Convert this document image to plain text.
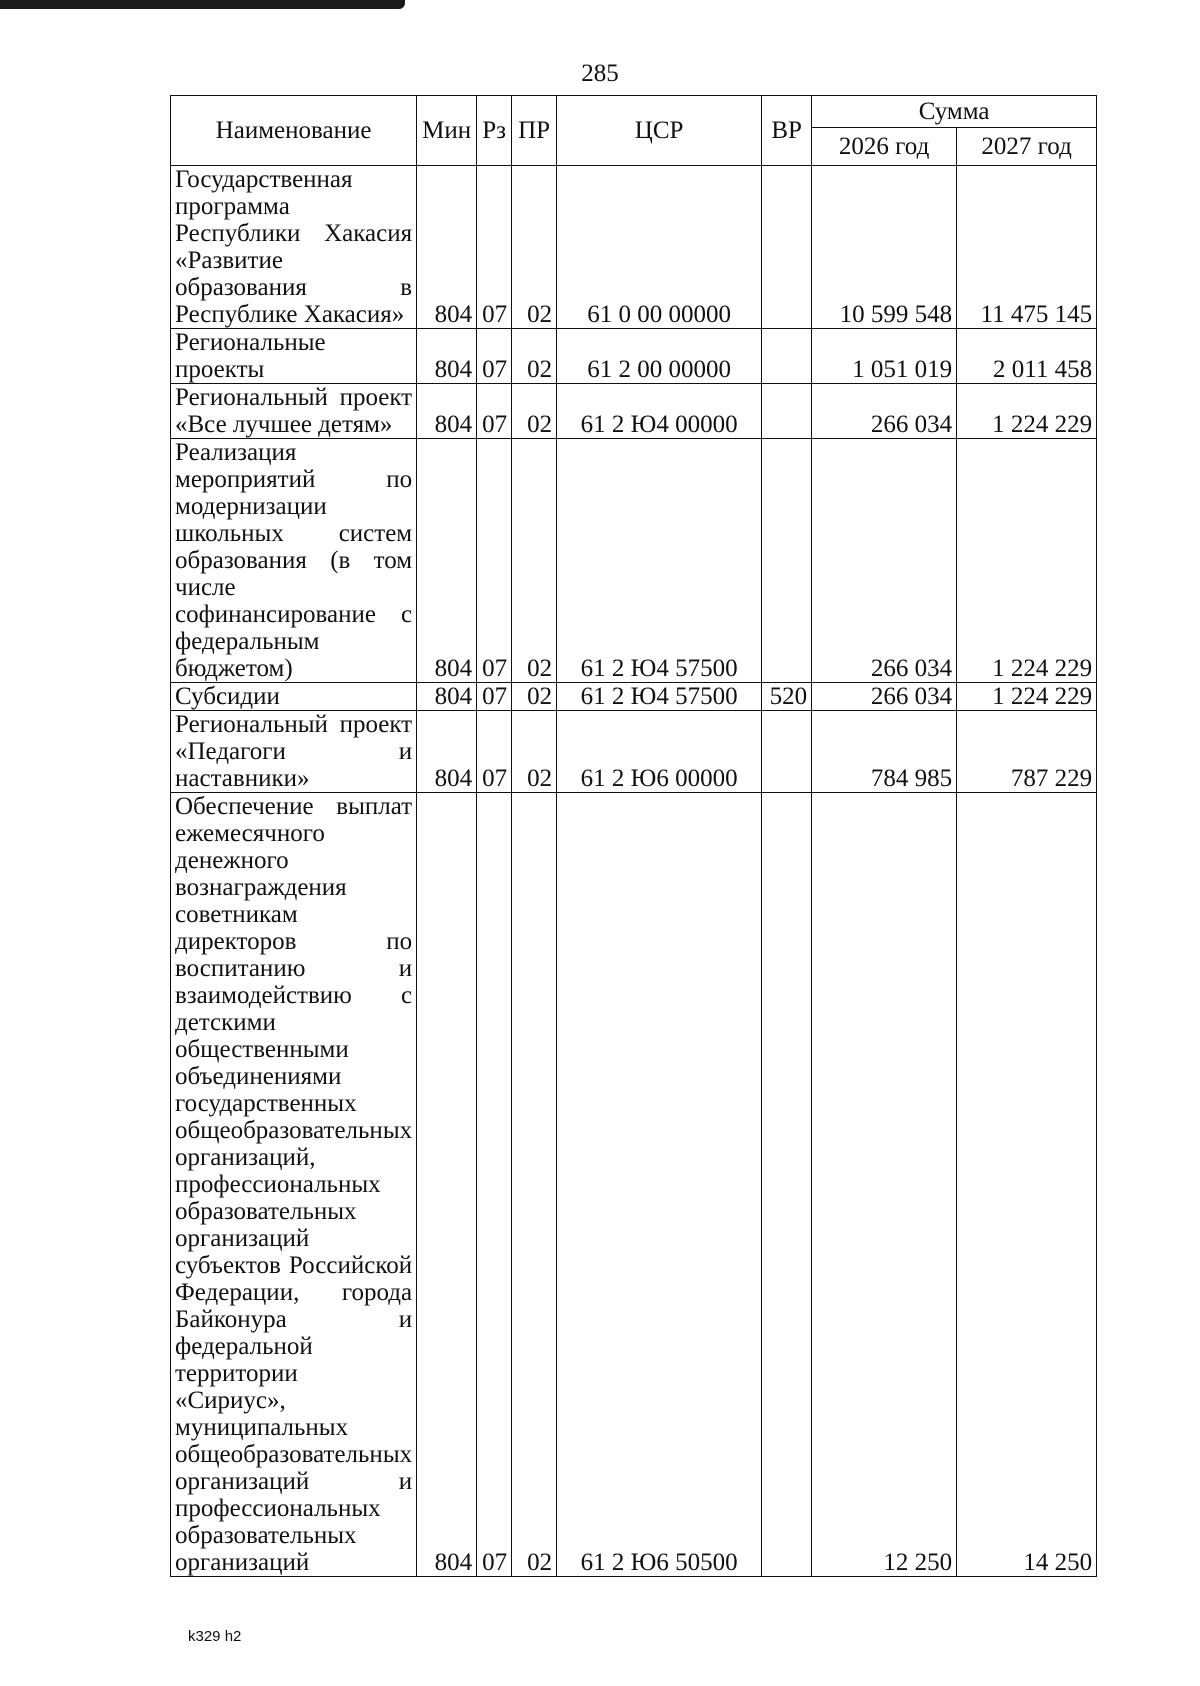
285
Наименование	Мин	Рз	ПР	ЦСР	ВР	Сумма	
						2026 год	2027 год
Государственная программа Республики Хакасия «Развитие образования в Республике Хакасия»	804	07	02	61 0 00 00000		10 599 548	11 475 145
Региональные проекты	804	07	02	61 2 00 00000		1 051 019	2 011 458
Региональный проект «Все лучшее детям»	804	07	02	61 2 Ю4 00000		266 034	1 224 229
Реализация мероприятий по модернизации школьных систем образования (в том числе софинансирование с федеральным бюджетом)	804	07	02	61 2 Ю4 57500		266 034	1 224 229
Субсидии	804	07	02	61 2 Ю4 57500	520	266 034	1 224 229
Региональный проект «Педагоги и наставники»	804	07	02	61 2 Ю6 00000		784 985	787 229
Обеспечение выплат ежемесячного денежного вознаграждения советникам директоров по воспитанию и взаимодействию с детскими общественными объединениями государственных общеобразовательных организаций, профессиональных образовательных организаций субъектов Российской Федерации, города Байконура и федеральной территории «Сириус», муниципальных общеобразовательных организаций и профессиональных образовательных организаций	804	07	02	61 2 Ю6 50500		12 250	14 250
k329 h2
